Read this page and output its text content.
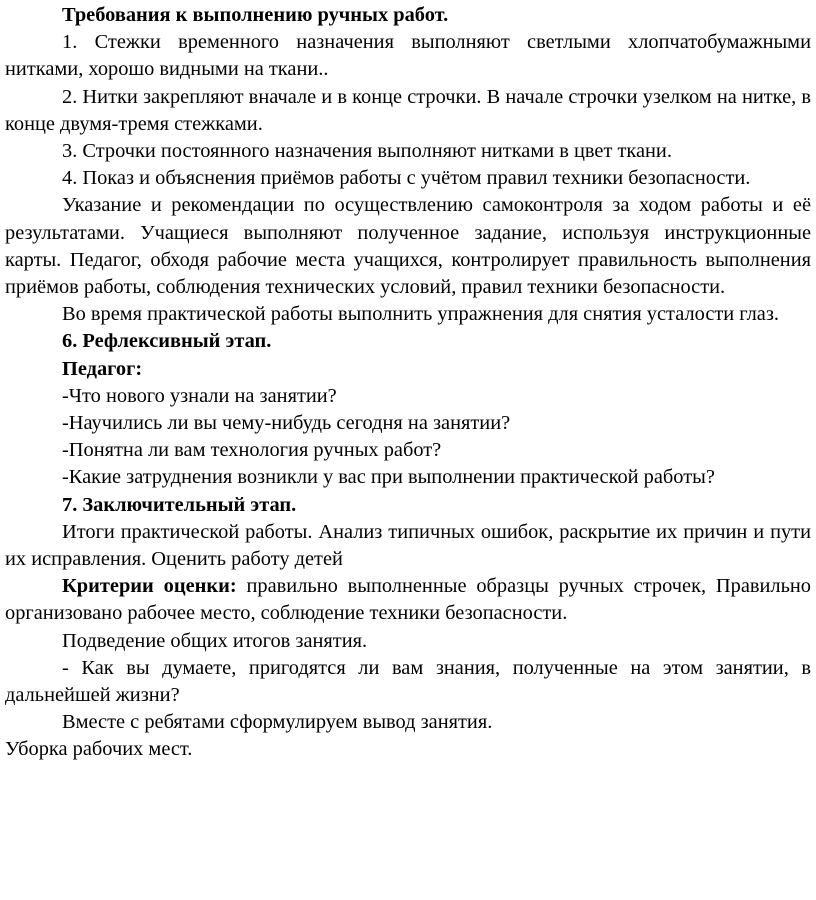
Требования к выполнению ручных работ.

1. Стежки временного назначения выполняют светлыми хлопчатобумажными нитками, хорошо видными на ткани..

2. Нитки закрепляют вначале и в конце строчки. В начале строчки узелком на нитке, в конце двумя-тремя стежками.

3. Строчки постоянного назначения выполняют нитками в цвет ткани.

4. Показ и объяснения приёмов работы с учётом правил техники безопасности.

Указание и рекомендации по осуществлению самоконтроля за ходом работы и её результатами. Учащиеся выполняют полученное задание, используя инструкционные карты. Педагог, обходя рабочие места учащихся, контролирует правильность выполнения приёмов работы, соблюдения технических условий, правил техники безопасности.

Во время практической работы выполнить упражнения для снятия усталости глаз.

6. Рефлексивный этап.

Педагог:

-Что нового узнали на занятии?

-Научились ли вы чему-нибудь сегодня на занятии?

-Понятна ли вам технология ручных работ?

-Какие затруднения возникли у вас при выполнении практической работы?

7. Заключительный этап.

Итоги практической работы. Анализ типичных ошибок, раскрытие их причин и пути их исправления. Оценить работу детей

Критерии оценки: правильно выполненные образцы ручных строчек, Правильно организовано рабочее место, соблюдение техники безопасности.

Подведение общих итогов занятия.

- Как вы думаете, пригодятся ли вам знания, полученные на этом занятии, в дальнейшей жизни?

Вместе с ребятами сформулируем вывод занятия.

Уборка рабочих мест.
